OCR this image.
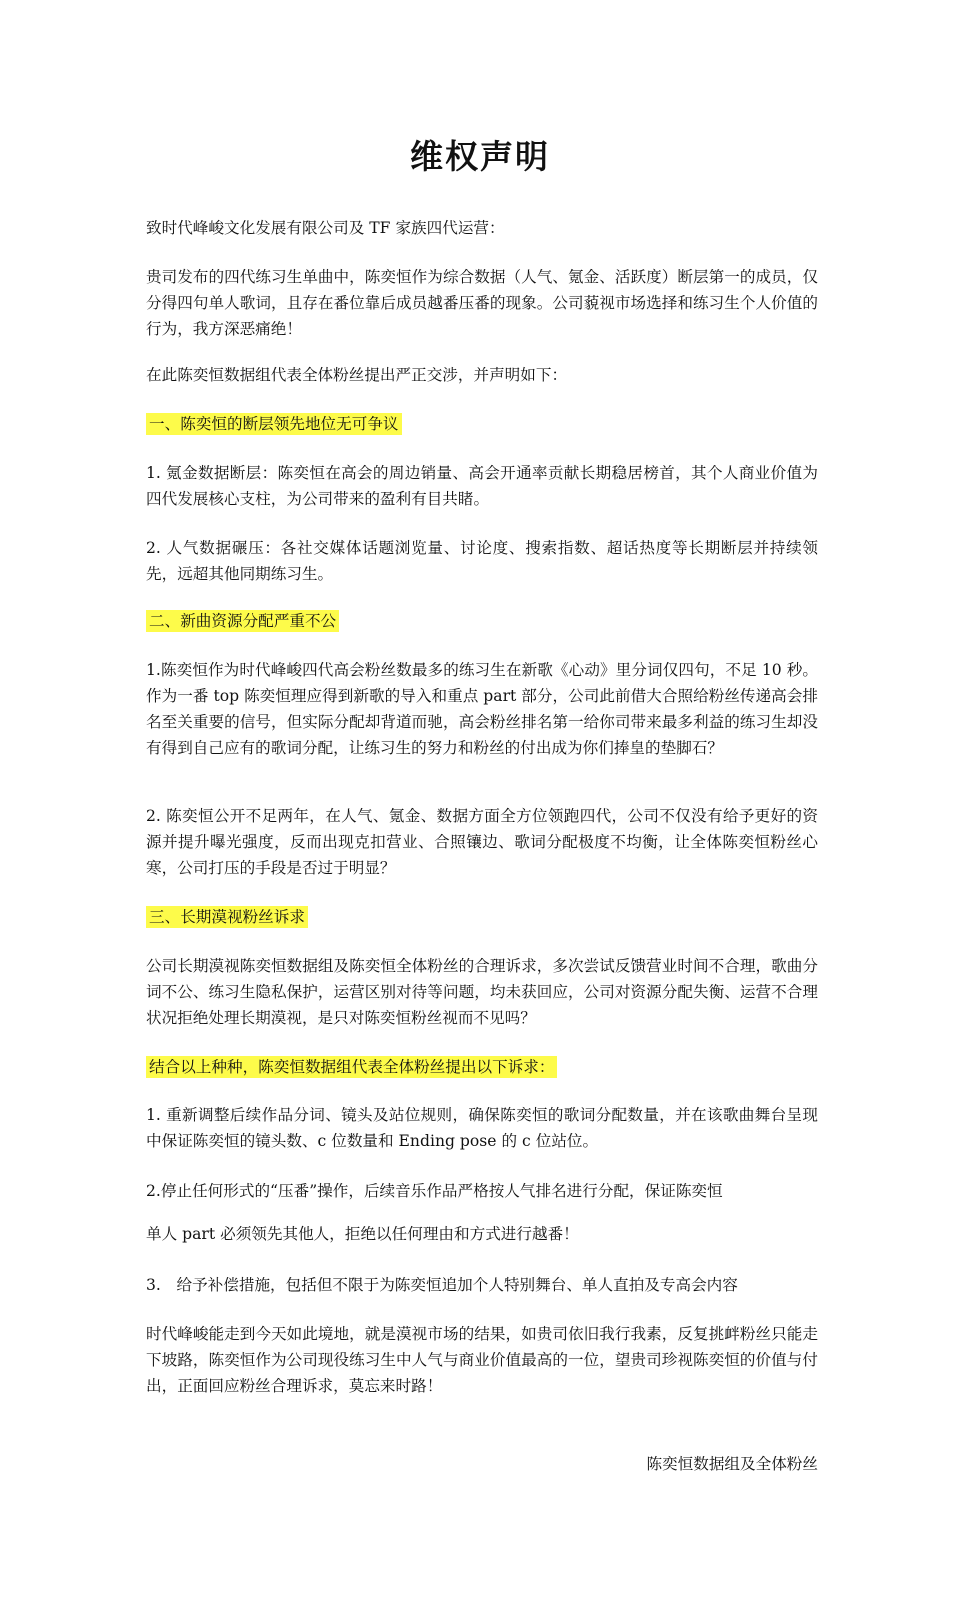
维权声明

致时代峰峻文化发展有限公司及 TF 家族四代运营：

贵司发布的四代练习生单曲中，陈奕恒作为综合数据（人气、氪金、活跃度）断层第一的成员，仅分得四句单人歌词，且存在番位靠后成员越番压番的现象。公司藐视市场选择和练习生个人价值的行为，我方深恶痛绝！

在此陈奕恒数据组代表全体粉丝提出严正交涉，并声明如下：

一、陈奕恒的断层领先地位无可争议

1. 氪金数据断层：陈奕恒在高会的周边销量、高会开通率贡献长期稳居榜首，其个人商业价值为四代发展核心支柱，为公司带来的盈利有目共睹。

2. 人气数据碾压：各社交媒体话题浏览量、讨论度、搜索指数、超话热度等长期断层并持续领先，远超其他同期练习生。

二、新曲资源分配严重不公

1.陈奕恒作为时代峰峻四代高会粉丝数最多的练习生在新歌《心动》里分词仅四句，不足 10 秒。作为一番 top 陈奕恒理应得到新歌的导入和重点 part 部分，公司此前借大合照给粉丝传递高会排名至关重要的信号，但实际分配却背道而驰，高会粉丝排名第一给你司带来最多利益的练习生却没有得到自己应有的歌词分配，让练习生的努力和粉丝的付出成为你们捧皇的垫脚石？

2. 陈奕恒公开不足两年，在人气、氪金、数据方面全方位领跑四代，公司不仅没有给予更好的资源并提升曝光强度，反而出现克扣营业、合照镶边、歌词分配极度不均衡，让全体陈奕恒粉丝心寒，公司打压的手段是否过于明显？

三、长期漠视粉丝诉求

公司长期漠视陈奕恒数据组及陈奕恒全体粉丝的合理诉求，多次尝试反馈营业时间不合理，歌曲分词不公、练习生隐私保护，运营区别对待等问题，均未获回应，公司对资源分配失衡、运营不合理状况拒绝处理长期漠视，是只对陈奕恒粉丝视而不见吗？

结合以上种种，陈奕恒数据组代表全体粉丝提出以下诉求：

1. 重新调整后续作品分词、镜头及站位规则，确保陈奕恒的歌词分配数量，并在该歌曲舞台呈现中保证陈奕恒的镜头数、c 位数量和 Ending pose 的 c 位站位。

2.停止任何形式的“压番”操作，后续音乐作品严格按人气排名进行分配，保证陈奕恒

单人 part 必须领先其他人，拒绝以任何理由和方式进行越番！

3.　给予补偿措施，包括但不限于为陈奕恒追加个人特别舞台、单人直拍及专高会内容

时代峰峻能走到今天如此境地，就是漠视市场的结果，如贵司依旧我行我素，反复挑衅粉丝只能走下坡路，陈奕恒作为公司现役练习生中人气与商业价值最高的一位，望贵司珍视陈奕恒的价值与付出，正面回应粉丝合理诉求，莫忘来时路！

陈奕恒数据组及全体粉丝
